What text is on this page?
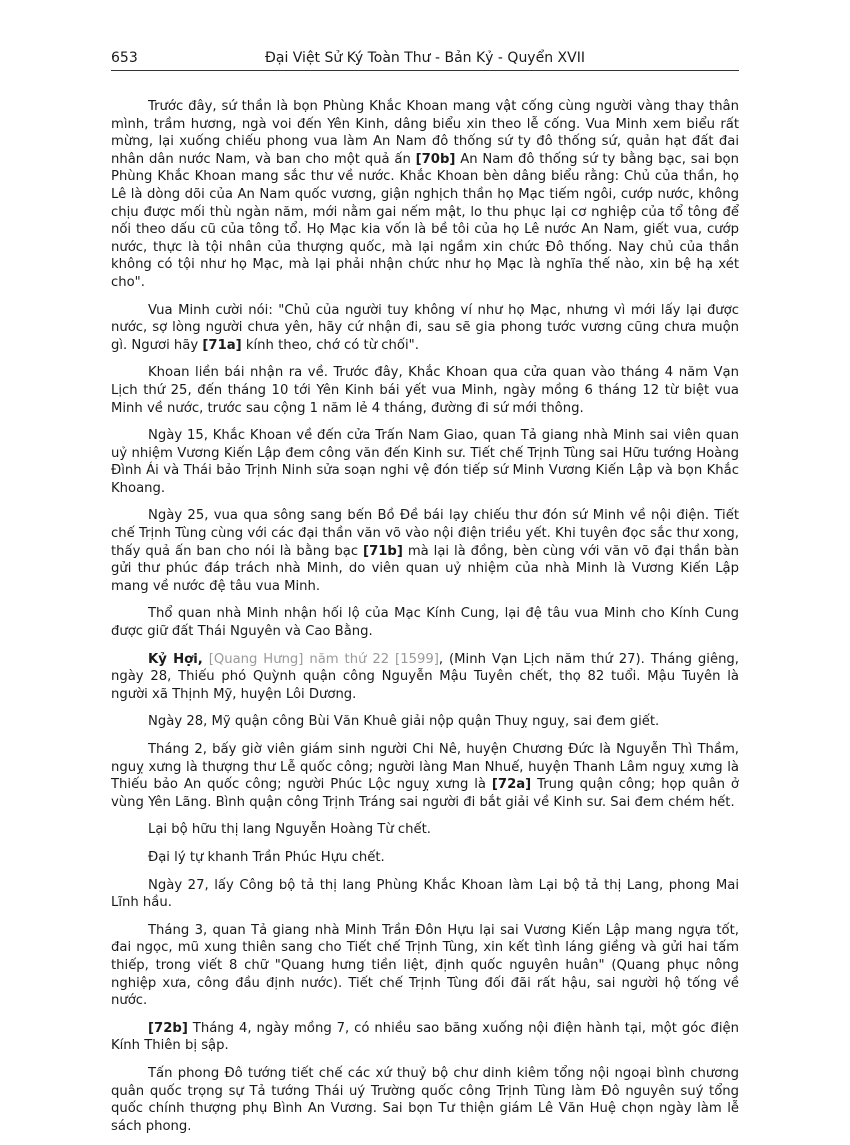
653	Đại Việt Sử Ký Toàn Thư - Bản Kỷ - Quyển XVII

Trước đây, sứ thần là bọn Phùng Khắc Khoan mang vật cống cùng người vàng thay thân mình, trầm hương, ngà voi đến Yên Kinh, dâng biểu xin theo lễ cống. Vua Minh xem biểu rất mừng, lại xuống chiếu phong vua làm An Nam đô thống sứ ty đô thống sứ, quản hạt đất đai nhân dân nước Nam, và ban cho một quả ấn [70b] An Nam đô thống sứ ty bằng bạc, sai bọn Phùng Khắc Khoan mang sắc thư về nước. Khắc Khoan bèn dâng biểu rằng: Chủ của thần, họ Lê là dòng dõi của An Nam quốc vương, giận nghịch thần họ Mạc tiếm ngôi, cướp nước, không chịu được mối thù ngàn năm, mới nằm gai nếm mật, lo thu phục lại cơ nghiệp của tổ tông để nối theo dấu cũ của tông tổ. Họ Mạc kia vốn là bề tôi của họ Lê nước An Nam, giết vua, cướp nước, thực là tội nhân của thượng quốc, mà lại ngầm xin chức Đô thống. Nay chủ của thần không có tội như họ Mạc, mà lại phải nhận chức như họ Mạc là nghĩa thế nào, xin bệ hạ xét cho".

Vua Minh cười nói: "Chủ của người tuy không ví như họ Mạc, nhưng vì mới lấy lại được nước, sợ lòng người chưa yên, hãy cứ nhận đi, sau sẽ gia phong tước vương cũng chưa muộn gì. Ngươi hãy [71a] kính theo, chớ có từ chối".

Khoan liền bái nhận ra về. Trước đây, Khắc Khoan qua cửa quan vào tháng 4 năm Vạn Lịch thứ 25, đến tháng 10 tới Yên Kinh bái yết vua Minh, ngày mồng 6 tháng 12 từ biệt vua Minh về nước, trước sau cộng 1 năm lẻ 4 tháng, đường đi sứ mới thông.

Ngày 15, Khắc Khoan về đến cửa Trấn Nam Giao, quan Tả giang nhà Minh sai viên quan uỷ nhiệm Vương Kiến Lập đem công văn đến Kinh sư. Tiết chế Trịnh Tùng sai Hữu tướng Hoàng Đình Ái và Thái bảo Trịnh Ninh sửa soạn nghi vệ đón tiếp sứ Minh Vương Kiến Lập và bọn Khắc Khoang.

Ngày 25, vua qua sông sang bến Bồ Đề bái lạy chiếu thư đón sứ Minh về nội điện. Tiết chế Trịnh Tùng cùng với các đại thần văn võ vào nội điện triều yết. Khi tuyên đọc sắc thư xong, thấy quả ấn ban cho nói là bằng bạc [71b] mà lại là đồng, bèn cùng với văn võ đại thần bàn gửi thư phúc đáp trách nhà Minh, do viên quan uỷ nhiệm của nhà Minh là Vương Kiến Lập mang về nước đệ tâu vua Minh.

Thổ quan nhà Minh nhận hối lộ của Mạc Kính Cung, lại đệ tâu vua Minh cho Kính Cung được giữ đất Thái Nguyên và Cao Bằng.

Kỷ Hợi, [Quang Hưng] năm thứ 22 [1599], (Minh Vạn Lịch năm thứ 27). Tháng giêng, ngày 28, Thiếu phó Quỳnh quận công Nguyễn Mậu Tuyên chết, thọ 82 tuổi. Mậu Tuyên là người xã Thịnh Mỹ, huyện Lôi Dương.

Ngày 28, Mỹ quận công Bùi Văn Khuê giải nộp quận Thuỵ nguỵ, sai đem giết.

Tháng 2, bấy giờ viên giám sinh người Chi Nê, huyện Chương Đức là Nguyễn Thì Thầm, nguỵ xưng là thượng thư Lễ quốc công; người làng Man Nhuế, huyện Thanh Lâm nguỵ xưng là Thiếu bảo An quốc công; người Phúc Lộc nguỵ xưng là [72a] Trung quận công; họp quân ở vùng Yên Lãng. Bình quận công Trịnh Tráng sai người đi bắt giải về Kinh sư. Sai đem chém hết.

Lại bộ hữu thị lang Nguyễn Hoàng Từ chết.

Đại lý tự khanh Trần Phúc Hựu chết.

Ngày 27, lấy Công bộ tả thị lang Phùng Khắc Khoan làm Lại bộ tả thị Lang, phong Mai Lĩnh hầu.

Tháng 3, quan Tả giang nhà Minh Trần Đôn Hựu lại sai Vương Kiến Lập mang ngựa tốt, đai ngọc, mũ xung thiên sang cho Tiết chế Trịnh Tùng, xin kết tình láng giềng và gửi hai tấm thiếp, trong viết 8 chữ "Quang hưng tiền liệt, định quốc nguyên huân" (Quang phục nông nghiệp xưa, công đầu định nước). Tiết chế Trịnh Tùng đối đãi rất hậu, sai người hộ tống về nước.

[72b] Tháng 4, ngày mồng 7, có nhiều sao băng xuống nội điện hành tại, một góc điện Kính Thiên bị sập.

Tấn phong Đô tướng tiết chế các xứ thuỷ bộ chư dinh kiêm tổng nội ngoại bình chương quân quốc trọng sự Tả tướng Thái uý Trường quốc công Trịnh Tùng làm Đô nguyên suý tổng quốc chính thượng phụ Bình An Vương. Sai bọn Tư thiện giám Lê Văn Huệ chọn ngày làm lễ sách phong.
